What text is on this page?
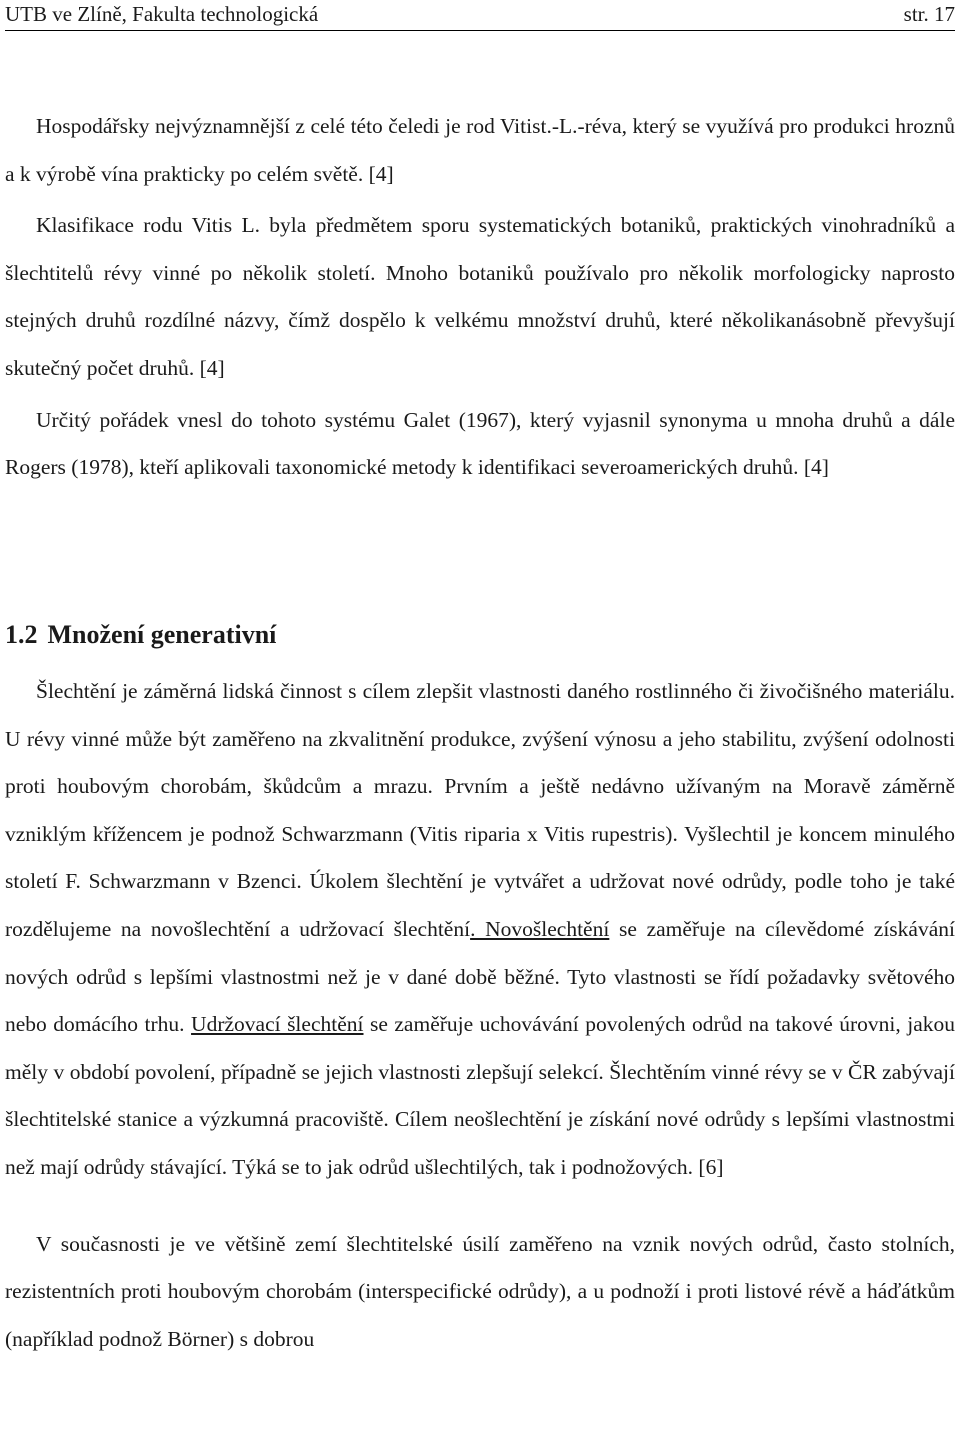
UTB ve Zlíně, Fakulta technologická	str. 17

Hospodářsky nejvýznamnější z celé této čeledi je rod Vitist.-L.-réva, který se využívá pro produkci hroznů a k výrobě vína prakticky po celém světě. [4]

Klasifikace rodu Vitis L. byla předmětem sporu systematických botaniků, praktických vinohradníků a šlechtitelů révy vinné po několik století. Mnoho botaniků používalo pro několik morfologicky naprosto stejných druhů rozdílné názvy, čímž dospělo k velkému množství druhů, které několikanásobně převyšují skutečný počet druhů. [4]

Určitý pořádek vnesl do tohoto systému Galet (1967), který vyjasnil synonyma u mnoha druhů a dále Rogers (1978), kteří aplikovali taxonomické metody k identifikaci severoamerických druhů. [4]

1.2 Množení generativní

Šlechtění je záměrná lidská činnost s cílem zlepšit vlastnosti daného rostlinného či živočišného materiálu. U révy vinné může být zaměřeno na zkvalitnění produkce, zvýšení výnosu a jeho stabilitu, zvýšení odolnosti proti houbovým chorobám, škůdcům a mrazu. Prvním a ještě nedávno užívaným na Moravě záměrně vzniklým křížencem je podnož Schwarzmann (Vitis riparia x Vitis rupestris). Vyšlechtil je koncem minulého století F. Schwarzmann v Bzenci. Úkolem šlechtění je vytvářet a udržovat nové odrůdy, podle toho je také rozdělujeme na novošlechtění a udržovací šlechtění. Novošlechtění se zaměřuje na cílevědomé získávání nových odrůd s lepšími vlastnostmi než je v dané době běžné. Tyto vlastnosti se řídí požadavky světového nebo domácího trhu. Udržovací šlechtění se zaměřuje uchovávání povolených odrůd na takové úrovni, jakou měly v období povolení, případně se jejich vlastnosti zlepšují selekcí. Šlechtěním vinné révy se v ČR zabývají šlechtitelské stanice a výzkumná pracoviště. Cílem neošlechtění je získání nové odrůdy s lepšími vlastnostmi než mají odrůdy stávající. Týká se to jak odrůd ušlechtilých, tak i podnožových. [6]

V současnosti je ve většině zemí šlechtitelské úsilí zaměřeno na vznik nových odrůd, často stolních, rezistentních proti houbovým chorobám (interspecifické odrůdy), a u podnoží i proti listové révě a háďátkům (například podnož Börner) s dobrou
